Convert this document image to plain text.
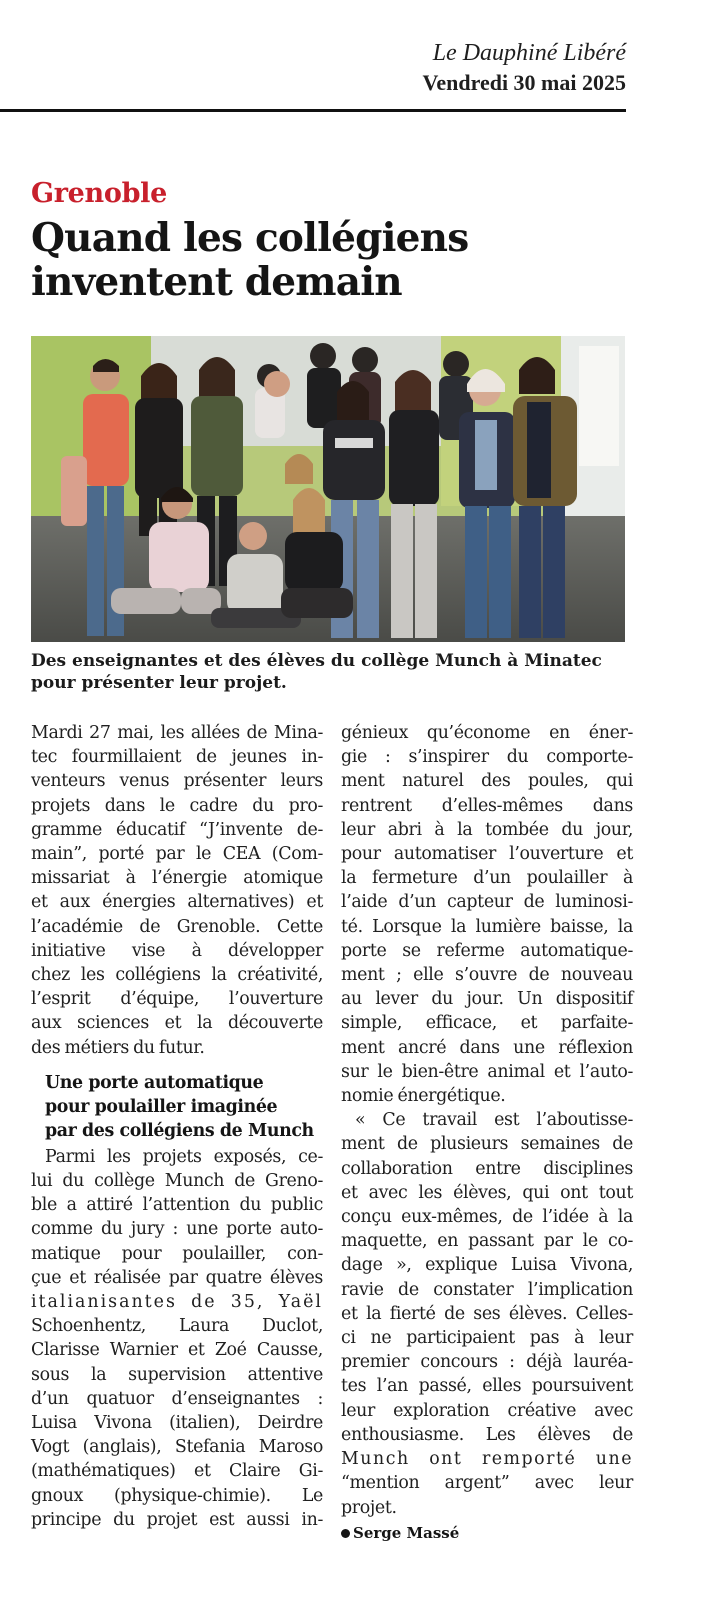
Le Dauphiné Libéré
Vendredi 30 mai 2025
Grenoble
Quand les collégiens
inventent demain
Des enseignantes et des élèves du collège Munch à Minatec
pour présenter leur projet.
Mardi 27 mai, les allées de Mina-
tec fourmillaient de jeunes in-
venteurs venus présenter leurs
projets dans le cadre du pro-
gramme éducatif “J’invente de-
main”, porté par le CEA (Com-
missariat à l’énergie atomique
et aux énergies alternatives) et
l’académie de Grenoble. Cette
initiative vise à développer
chez les collégiens la créativité,
l’esprit d’équipe, l’ouverture
aux sciences et la découverte
des métiers du futur.
Une porte automatique
pour poulailler imaginée
par des collégiens de Munch
Parmi les projets exposés, ce-
lui du collège Munch de Greno-
ble a attiré l’attention du public
comme du jury : une porte auto-
matique pour poulailler, con-
çue et réalisée par quatre élèves
italianisantes de 35, Yaël
Schoenhentz, Laura Duclot,
Clarisse Warnier et Zoé Causse,
sous la supervision attentive
d’un quatuor d’enseignantes :
Luisa Vivona (italien), Deirdre
Vogt (anglais), Stefania Maroso
(mathématiques) et Claire Gi-
gnoux (physique-chimie). Le
principe du projet est aussi in-
génieux qu’économe en éner-
gie : s’inspirer du comporte-
ment naturel des poules, qui
rentrent d’elles-mêmes dans
leur abri à la tombée du jour,
pour automatiser l’ouverture et
la fermeture d’un poulailler à
l’aide d’un capteur de luminosi-
té. Lorsque la lumière baisse, la
porte se referme automatique-
ment ; elle s’ouvre de nouveau
au lever du jour. Un dispositif
simple, efficace, et parfaite-
ment ancré dans une réflexion
sur le bien-être animal et l’auto-
nomie énergétique.
« Ce travail est l’aboutisse-
ment de plusieurs semaines de
collaboration entre disciplines
et avec les élèves, qui ont tout
conçu eux-mêmes, de l’idée à la
maquette, en passant par le co-
dage », explique Luisa Vivona,
ravie de constater l’implication
et la fierté de ses élèves. Celles-
ci ne participaient pas à leur
premier concours : déjà lauréa-
tes l’an passé, elles poursuivent
leur exploration créative avec
enthousiasme. Les élèves de
Munch ont remporté une
“mention argent” avec leur
projet.
Serge Massé
